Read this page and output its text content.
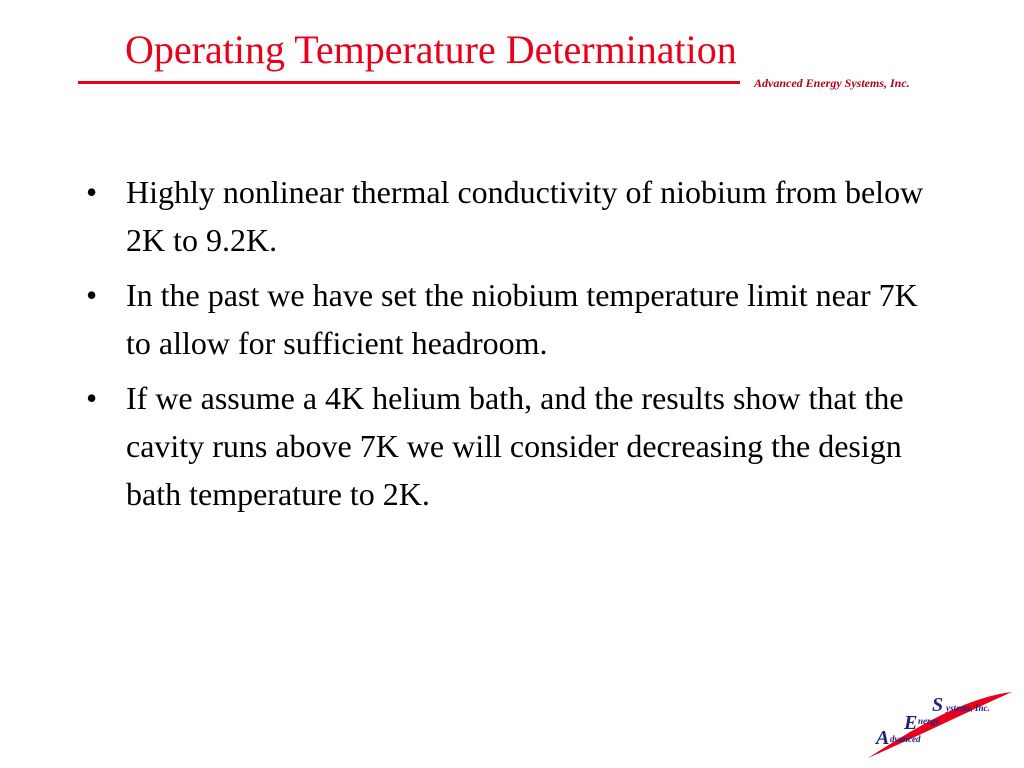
Operating Temperature Determination
Advanced Energy Systems, Inc.
• Highly nonlinear thermal conductivity of niobium from below 2K to 9.2K.
• In the past we have set the niobium temperature limit near 7K to allow for sufficient headroom.
• If we assume a 4K helium bath, and the results show that the cavity runs above 7K we will consider decreasing the design bath temperature to 2K.
S ystems, Inc.
E nergy
A dvanced
